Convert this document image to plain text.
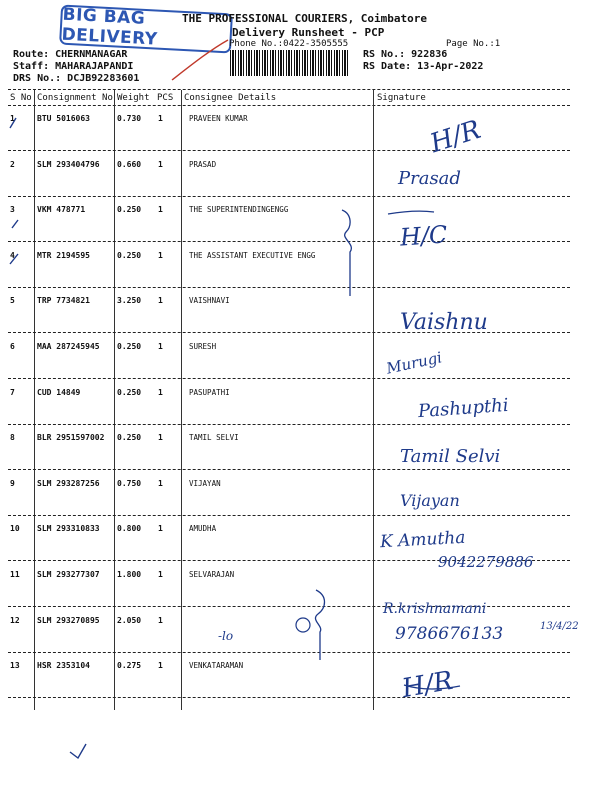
BIG BAG DELIVERY
THE PROFESSIONAL COURIERS, Coimbatore
Delivery Runsheet - PCP
Phone No.:0422-3505555	Page No.:1
Route: CHERNMANAGAR
Staff: MAHARAJAPANDI
DRS No.: DCJB92283601
RS No.: 922836
RS Date: 13-Apr-2022
S No Consignment No Weight PCS Consignee Details	Signature
1	BTU 5016063	0.730 1	PRAVEEN KUMAR
2	SLM 293404796 0.660 1	PRASAD
3	VKM 478771	0.250 1	THE SUPERINTENDINGENGG
4	MTR 2194595	0.250 1	THE ASSISTANT EXECUTIVE ENGG
5	TRP 7734821	3.250 1	VAISHNAVI
6	MAA 287245945 0.250 1	SURESH
7	CUD 14849	0.250 1	PASUPATHI
8	BLR 2951597002 0.250 1	TAMIL SELVI
9	SLM 293287256 0.750 1	VIJAYAN
10 SLM 293310833 0.800 1	AMUDHA
11 SLM 293277307 1.800 1	SELVARAJAN
12 SLM 293270895 2.050 1
13 HSR 2353104	0.275 1	VENKATARAMAN
H/R
Prasad
H/C
Vaishnu
Murugi
Pashupthi
Tamil Selvi
Vijayan
K Amutha
9042279886
R.krishnamani
9786676133	13/4/22
-lo
H/R
